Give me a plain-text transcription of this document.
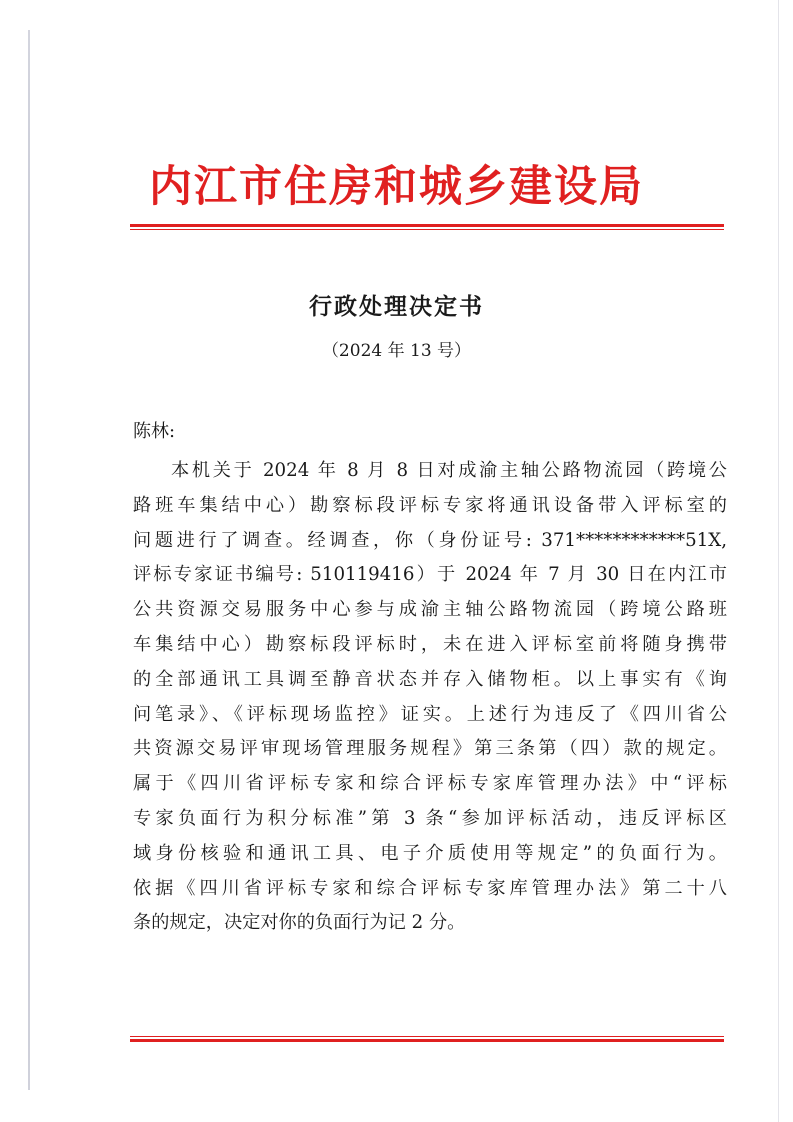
内江市住房和城乡建设局
行政处理决定书
（2024 年 13 号）
陈林:
本机关于 2024 年 8 月 8 日对成渝主轴公路物流园（跨境公
路班车集结中心）勘察标段评标专家将通讯设备带入评标室的
问题进行了调查。经调查，你（身份证号: 371************51X,
评标专家证书编号: 510119416）于 2024 年 7 月 30 日在内江市
公共资源交易服务中心参与成渝主轴公路物流园（跨境公路班
车集结中心）勘察标段评标时，未在进入评标室前将随身携带
的全部通讯工具调至静音状态并存入储物柜。以上事实有《询
问笔录》、《评标现场监控》证实。上述行为违反了《四川省公
共资源交易评审现场管理服务规程》第三条第（四）款的规定。
属于《四川省评标专家和综合评标专家库管理办法》中“评标
专家负面行为积分标准”第 3 条“参加评标活动，违反评标区
域身份核验和通讯工具、电子介质使用等规定”的负面行为。
依据《四川省评标专家和综合评标专家库管理办法》第二十八
条的规定，决定对你的负面行为记 2 分。
